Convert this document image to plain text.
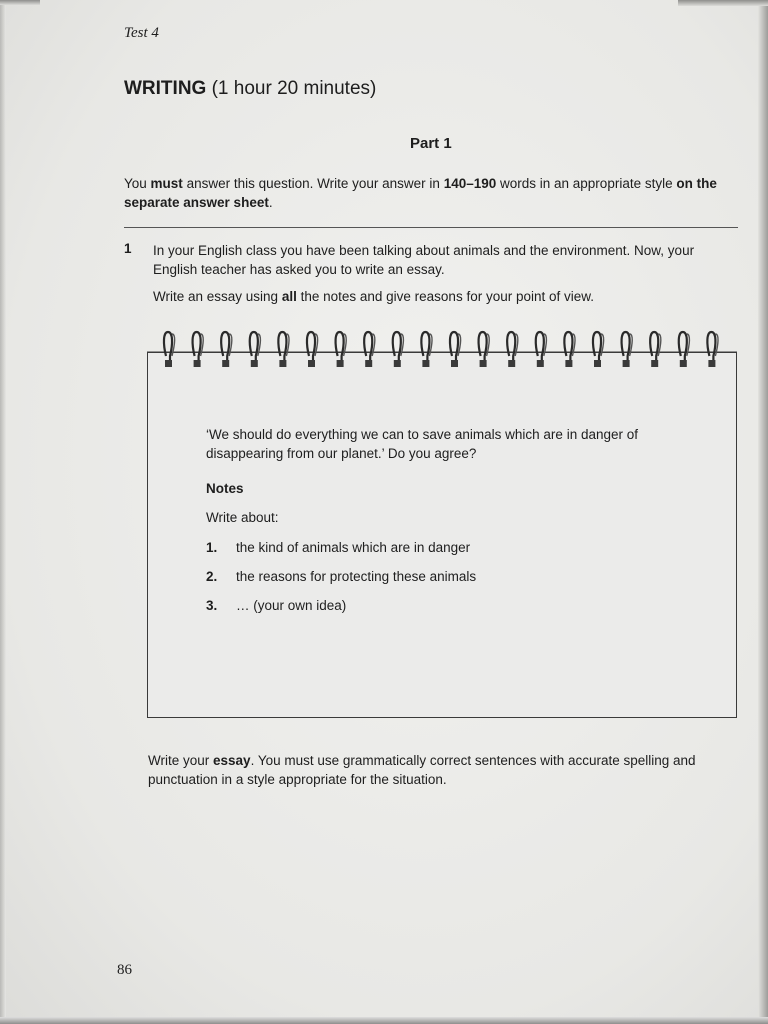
Test 4
WRITING (1 hour 20 minutes)
Part 1
You must answer this question. Write your answer in 140–190 words in an appropriate style on the separate answer sheet.
1 In your English class you have been talking about animals and the environment. Now, your English teacher has asked you to write an essay.
Write an essay using all the notes and give reasons for your point of view.
‘We should do everything we can to save animals which are in danger of disappearing from our planet.’ Do you agree?
Notes
Write about:
1. the kind of animals which are in danger
2. the reasons for protecting these animals
3. … (your own idea)
Write your essay. You must use grammatically correct sentences with accurate spelling and punctuation in a style appropriate for the situation.
86
